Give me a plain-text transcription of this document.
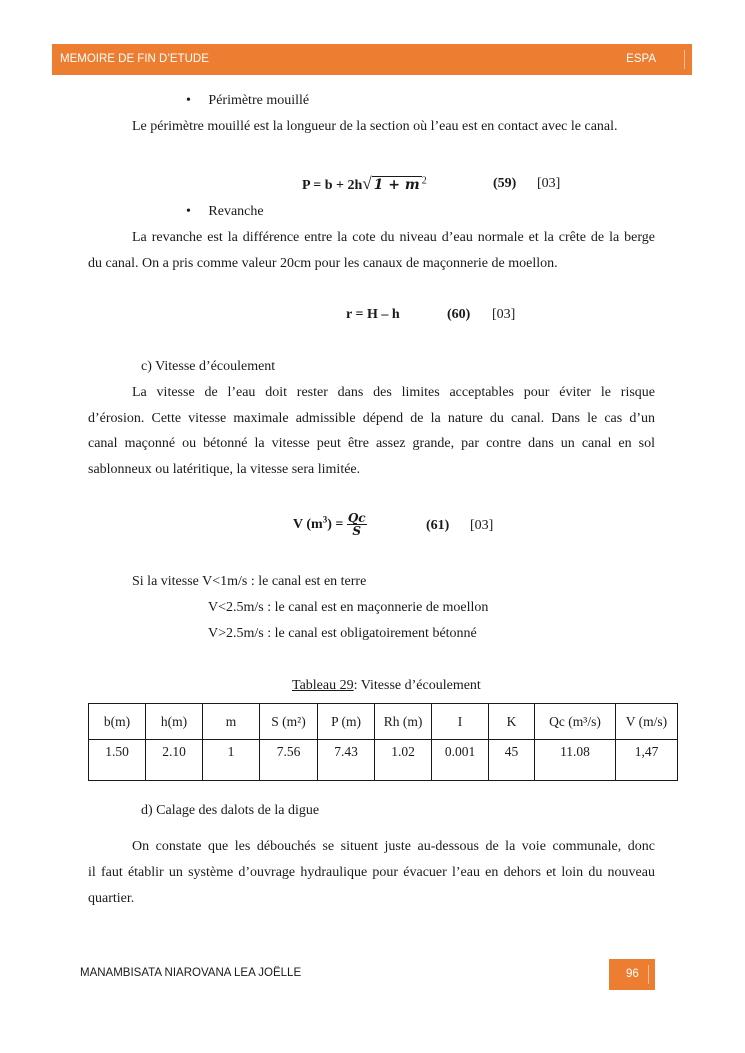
MEMOIRE DE FIN D’ETUDE	ESPA
•     Périmètre mouillé
Le périmètre mouillé est la longueur de la section où l’eau est en contact avec le canal.
P = b + 2h√ 1 + m $^2$	(59) [03]
•     Revanche
La revanche est la différence entre la cote du niveau d’eau normale et la crête de la berge
du canal. On a pris comme valeur 20cm pour les canaux de maçonnerie de moellon.
r = H – h	(60) [03]
c) Vitesse d’écoulement
La vitesse de l’eau doit rester dans des limites acceptables pour éviter le risque
d’érosion. Cette vitesse maximale admissible dépend de la nature du canal. Dans le cas d’un
canal maçonné ou bétonné la vitesse peut être assez grande, par contre dans un canal en sol
sablonneux ou latéritique, la vitesse sera limitée.
V $(m^3) = \frac{Qc}{S}$	(61) [03]
Si la vitesse V<1m/s : le canal est en terre
V<2.5m/s : le canal est en maçonnerie de moellon
V>2.5m/s : le canal est obligatoirement bétonné
Tableau 29: Vitesse d’écoulement
b(m)	h(m)	m	S (m²)	P (m)	Rh (m)	I	K	Qc (m³/s)	V (m/s)
1.50	2.10	1	7.56	7.43	1.02	0.001	45	11.08	1,47
d) Calage des dalots de la digue
On constate que les débouchés se situent juste au-dessous de la voie communale, donc
il faut établir un système d’ouvrage hydraulique pour évacuer l’eau en dehors et loin du nouveau
quartier.
MANAMBISATA NIAROVANA LEA JOËLLE	96
